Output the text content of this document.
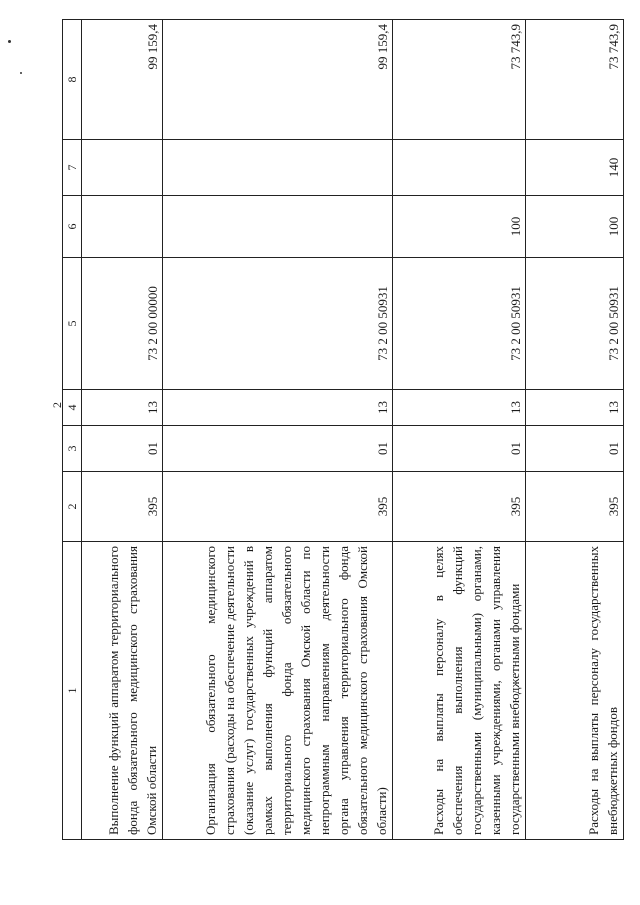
2
1	2	3	4	5	6	7	8
Выполнение функций аппаратом территориального фонда обязательного медицинского страхования Омской области	395	01	13	73 2 00 00000			99 159,4
Организация обязательного медицинского страхования (расходы на обеспечение деятельности (оказание услуг) государственных учреждений в рамках выполнения функций аппаратом территориального фонда обязательного медицинского страхования Омской области по непрограммным направлениям деятельности органа управления территориального фонда обязательного медицинского страхования Омской области)	395	01	13	73 2 00 50931			99 159,4
Расходы на выплаты персоналу в целях обеспечения выполнения функций государственными (муниципальными) органами, казенными учреждениями, органами управления государственными внебюджетными фондами	395	01	13	73 2 00 50931	100		73 743,9
Расходы на выплаты персоналу государственных внебюджетных фондов	395	01	13	73 2 00 50931	100	140	73 743,9
